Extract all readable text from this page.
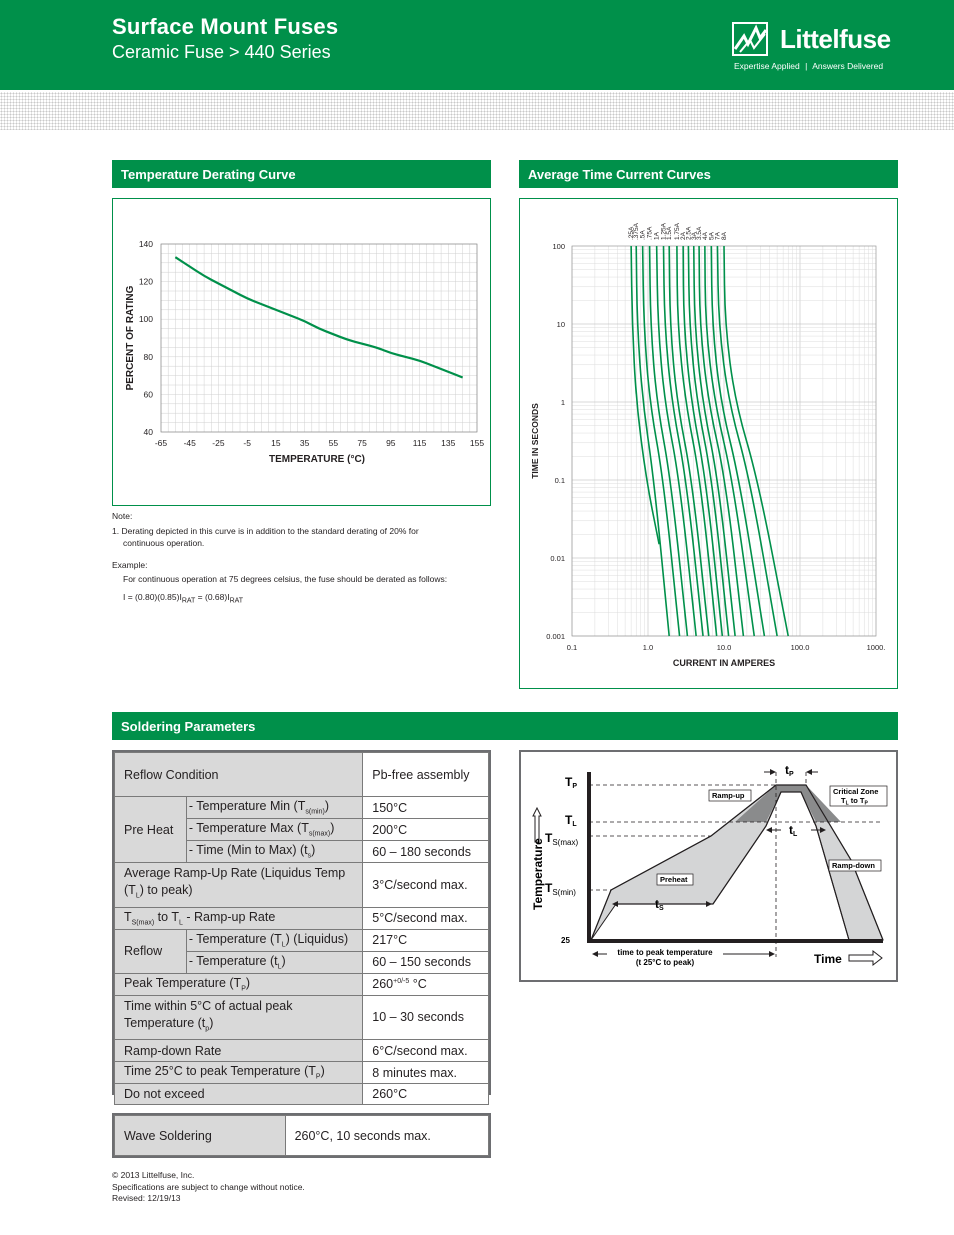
Surface Mount Fuses
Ceramic Fuse > 440 Series	Littelfuse
Expertise Applied | Answers Delivered
Temperature Derating Curve
-65 -45 -25 -5 15 35 55 75 95 115 135 155
140
120
100
80
60
40
TEMPERATURE (°C)
PERCENT OF RATING
Note:
1. Derating depicted in this curve is in addition to the standard derating of 20% for
continuous operation.
Example:
For continuous operation at 75 degrees celsius, the fuse should be derated as follows:
$I = (0.80)(0.85)I_{RAT} = (0.68)I_{RAT}$
Average Time Current Curves
0.1	1.0	10.0	100.0	1000.
100
10
1
0.1
0.01
0.001
CURRENT IN AMPERES
TIME IN SECONDS
.25A
.375A .5A .75A 1A 1.25A
1.5A 1.75A 2A
2.5A
3A
3.5A
4A 5A 7A 8A
Soldering Parameters
Reflow Condition		Pb-free assembly
Pre Heat	- Temperature Min $(T_{s(min)})$	150°C
	- Temperature Max $(T_{s(max)})$	200°C
	- Time (Min to Max) $(t_s)$	60 – 180 seconds
Average Ramp-Up Rate (Liquidus Temp $(T_L)$ to peak)		3°C/second max.
$T_{S(max)}$ to $T_L$ - Ramp-up Rate		5°C/second max.
Reflow	- Temperature $(T_L)$ (Liquidus)	217°C
	- Temperature $(t_L)$	60 – 150 seconds
Peak Temperature $(T_P)$		$260^{+0/-5}$ °C
Time within 5°C of actual peak Temperature $(t_p)$		10 – 30 seconds
Ramp-down Rate		6°C/second max.
Time 25°C to peak Temperature $(T_P)$		8 minutes max.
Do not exceed		260°C
Wave Soldering	260°C, 10 seconds max.
TP
TL
$T_{S(max)}$
$T_{S(min)}$
25
Temperature
Time
tP
tL
tS
Ramp-up
Ramp-down
Preheat
Critical Zone
$T_L$ to $T_P$
time to peak temperature
(t 25°C to peak)
© 2013 Littelfuse, Inc.
Specifications are subject to change without notice.
Revised: 12/19/13
